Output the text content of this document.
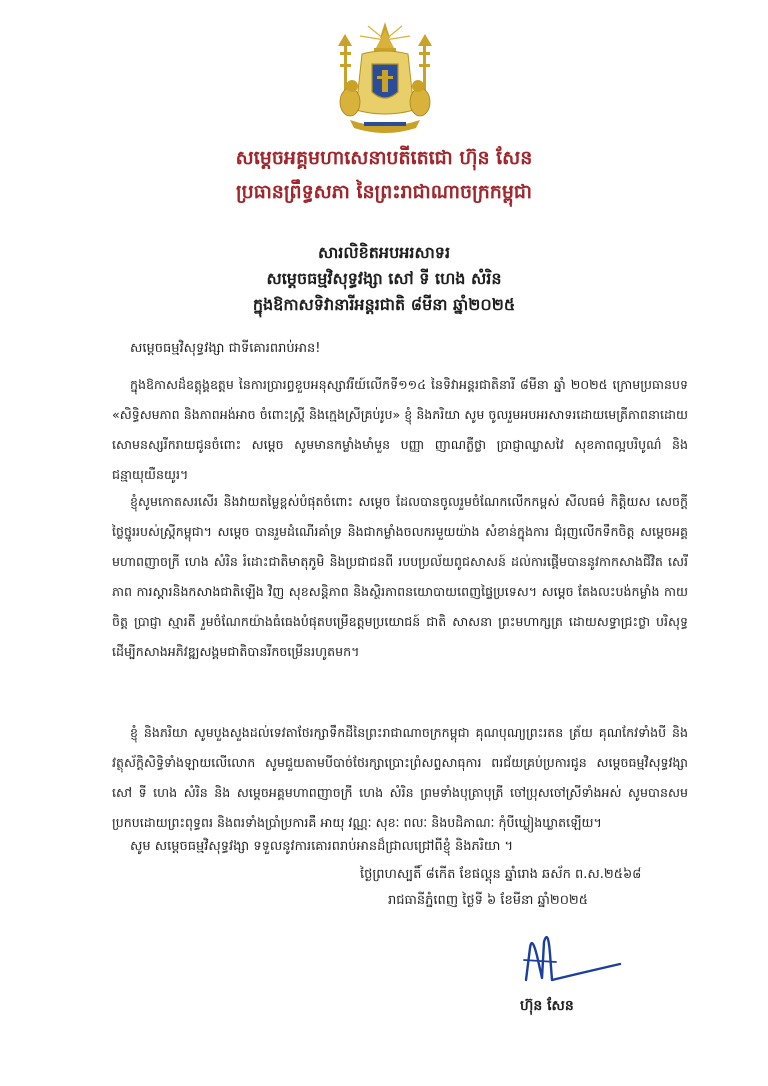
សម្តេចអគ្គមហាសេនាបតីតេជោ ហ៊ុន សែន
ប្រធានព្រឹទ្ធសភា នៃព្រះរាជាណាចក្រកម្ពុជា
សារលិខិតអបអរសាទរ
សម្តេចធម្មវិសុទ្ធវង្សា សៅ ទី ហេង សំរិន
ក្នុងឱកាសទិវានារីអន្តរជាតិ ៨មីនា ឆ្នាំ២០២៥
សម្តេចធម្មវិសុទ្ធវង្សា ជាទីគោរពរាប់អាន!
ក្នុងឱកាសដ៏ឧត្តុង្គឧត្តម នៃការប្រារព្ធខួបអនុស្សាវរីយ៍លើកទី១១៤ នៃទិវាអន្តរជាតិនារី ៨មីនា ឆ្នាំ ២០២៥ ក្រោមប្រធានបទ «សិទ្ធិសមភាព និងភាពអង់អាច ចំពោះស្ត្រី និងក្មេងស្រីគ្រប់រូប» ខ្ញុំ និងភរិយា សូម ចូលរួមអបអរសាទរដោយមេត្រីភាពនាដោយសោមនស្សរីករាយជូនចំពោះ សម្តេច សូមមានកម្លាំងមាំមួន បញ្ញា ញាណភ្លឺថ្លា ប្រាជ្ញាឈ្លាសវៃ សុខភាពល្អបរិបូណ៌ និងជន្មាយុយឺនយូរ។
ខ្ញុំសូមកោតសរសើរ និងវាយតម្លៃខ្ពស់បំផុតចំពោះ សម្តេច ដែលបានចូលរួមចំណែកលើកកម្ពស់ សីលធម៌ កិត្តិយស សេចក្តីថ្លៃថ្នូររបស់ស្ត្រីកម្ពុជា។ សម្តេច បានរួមដំណើរគាំទ្រ និងជាកម្លាំងចលករមួយយ៉ាង សំខាន់ក្នុងការ ជំរុញលើកទឹកចិត្ត សម្តេចអគ្គមហាពញាចក្រី ហេង សំរិន រំដោះជាតិមាតុភូមិ និងប្រជាជនពី របបប្រល័យពូជសាសន៍ ដល់ការផ្តើមបាននូវកាកសាងជីវិត សេរីភាព ការស្តារនិងកសាងជាតិឡើង វិញ សុខសន្តិភាព និងស្ថិរភាពនយោបាយពេញផ្ទៃប្រទេស។ សម្តេច តែងលះបង់កម្លាំង កាយចិត្ត ប្រាជ្ញា ស្មារតី រួមចំណែកយ៉ាងធំធេងបំផុតបម្រើឧត្តមប្រយោជន៍ ជាតិ សាសនា ព្រះមហាក្សត្រ ដោយសទ្ធាជ្រះថ្លា បរិសុទ្ធដើម្បីកសាងអភិវឌ្ឍសង្គមជាតិបានរីកចម្រើនរហូតមក។
ខ្ញុំ និងភរិយា សូមបួងសួងដល់ទេវតាថែរក្សាទឹកដីនៃព្រះរាជាណាចក្រកម្ពុជា គុណបុណ្យព្រះរតន ត្រ័យ គុណកែវទាំងបី និងវត្ថុស័ក្តិសិទ្ធិទាំងឡាយលើលោក សូមជួយតាមបីបាច់ថែរក្សាប្រោះព្រំសព្ទសាធុការ ពរជ័យគ្រប់ប្រការជូន សម្តេចធម្មវិសុទ្ធវង្សា សៅ ទី ហេង សំរិន និង សម្តេចអគ្គមហាពញាចក្រី ហេង សំរិន ព្រមទាំងបុត្រាបុត្រី ចៅប្រុសចៅស្រីទាំងអស់ សូមបានសមប្រកបដោយព្រះពុទ្ធពរ និងពរទាំងប្រាំប្រការគឺ អាយុ វណ្ណៈ សុខៈ ពលៈ និងបដិភាណៈ កុំបីឃ្លៀងឃ្លាតឡើយ។
សូម សម្តេចធម្មវិសុទ្ធវង្សា ទទួលនូវការគោរពរាប់អានដ៏ជ្រាលជ្រៅពីខ្ញុំ និងភរិយា ។
ថ្ងៃព្រហស្បតិ៍ ៨កើត ខែផល្គុន ឆ្នាំរោង ឆស័ក ព.ស.២៥៦៨
រាជធានីភ្នំពេញ ថ្ងៃទី ៦ ខែមីនា ឆ្នាំ២០២៥
ហ៊ុន សែន
